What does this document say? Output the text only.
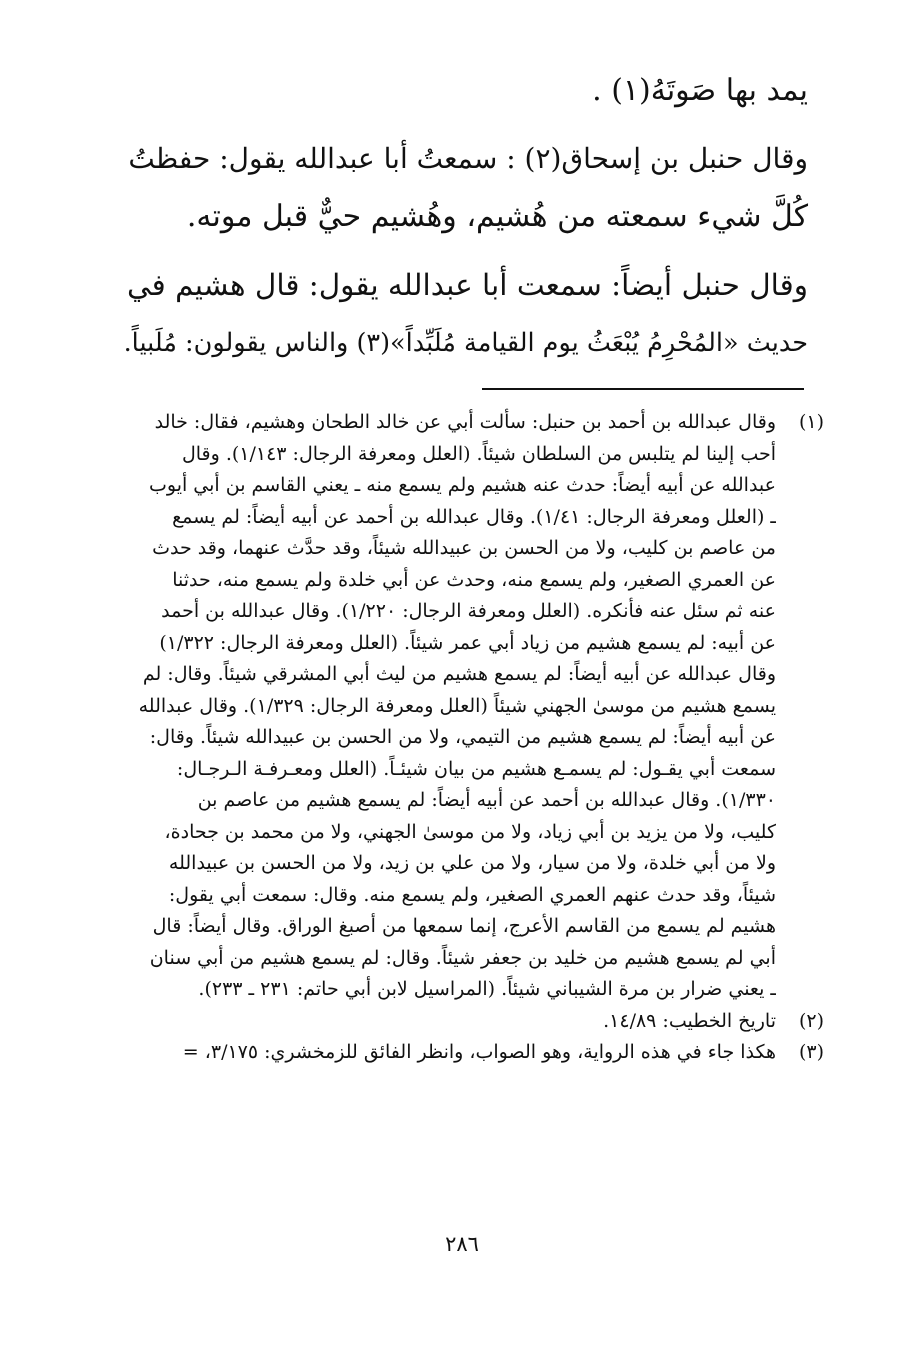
يمد بها صَوتَهُ(١) .
وقال حنبل بن إسحاق(٢) : سمعتُ أبا عبدالله يقول: حفظتُ
كُلَّ شيء سمعته من هُشيم، وهُشيم حيٌّ قبل موته.
وقال حنبل أيضاً: سمعت أبا عبدالله يقول: قال هشيم في
حديث «المُحْرِمُ يُبْعَثُ يوم القيامة مُلَبِّداً»(٣) والناس يقولون: مُلَبياً.
(١)
وقال عبدالله بن أحمد بن حنبل: سألت أبي عن خالد الطحان وهشيم، فقال: خالد
أحب إلينا لم يتلبس من السلطان شيئاً. (العلل ومعرفة الرجال: ١/١٤٣). وقال
عبدالله عن أبيه أيضاً: حدث عنه هشيم ولم يسمع منه ـ يعني القاسم بن أبي أيوب
ـ (العلل ومعرفة الرجال: ١/٤١). وقال عبدالله بن أحمد عن أبيه أيضاً: لم يسمع
من عاصم بن كليب، ولا من الحسن بن عبيدالله شيئاً، وقد حدَّث عنهما، وقد حدث
عن العمري الصغير، ولم يسمع منه، وحدث عن أبي خلدة ولم يسمع منه، حدثنا
عنه ثم سئل عنه فأنكره. (العلل ومعرفة الرجال: ١/٢٢٠). وقال عبدالله بن أحمد
عن أبيه: لم يسمع هشيم من زياد أبي عمر شيئاً. (العلل ومعرفة الرجال: ١/٣٢٢)
وقال عبدالله عن أبيه أيضاً: لم يسمع هشيم من ليث أبي المشرقي شيئاً. وقال: لم
يسمع هشيم من موسىٰ الجهني شيئاً (العلل ومعرفة الرجال: ١/٣٢٩). وقال عبدالله
عن أبيه أيضاً: لم يسمع هشيم من التيمي، ولا من الحسن بن عبيدالله شيئاً. وقال:
سمعت أبي يقـول: لم يسمـع هشيم من بيان شيئـاً. (العلل ومعـرفـة الـرجـال:
١/٣٣٠). وقال عبدالله بن أحمد عن أبيه أيضاً: لم يسمع هشيم من عاصم بن
كليب، ولا من يزيد بن أبي زياد، ولا من موسىٰ الجهني، ولا من محمد بن جحادة،
ولا من أبي خلدة، ولا من سيار، ولا من علي بن زيد، ولا من الحسن بن عبيدالله
شيئاً، وقد حدث عنهم العمري الصغير، ولم يسمع منه. وقال: سمعت أبي يقول:
هشيم لم يسمع من القاسم الأعرج، إنما سمعها من أصبغ الوراق. وقال أيضاً: قال
أبي لم يسمع هشيم من خليد بن جعفر شيئاً. وقال: لم يسمع هشيم من أبي سنان
ـ يعني ضرار بن مرة الشيباني شيئاً. (المراسيل لابن أبي حاتم: ٢٣١ ـ ٢٣٣).
(٢)
تاريخ الخطيب: ١٤/٨٩.
(٣)
هكذا جاء في هذه الرواية، وهو الصواب، وانظر الفائق للزمخشري: ٣/١٧٥، =
٢٨٦
